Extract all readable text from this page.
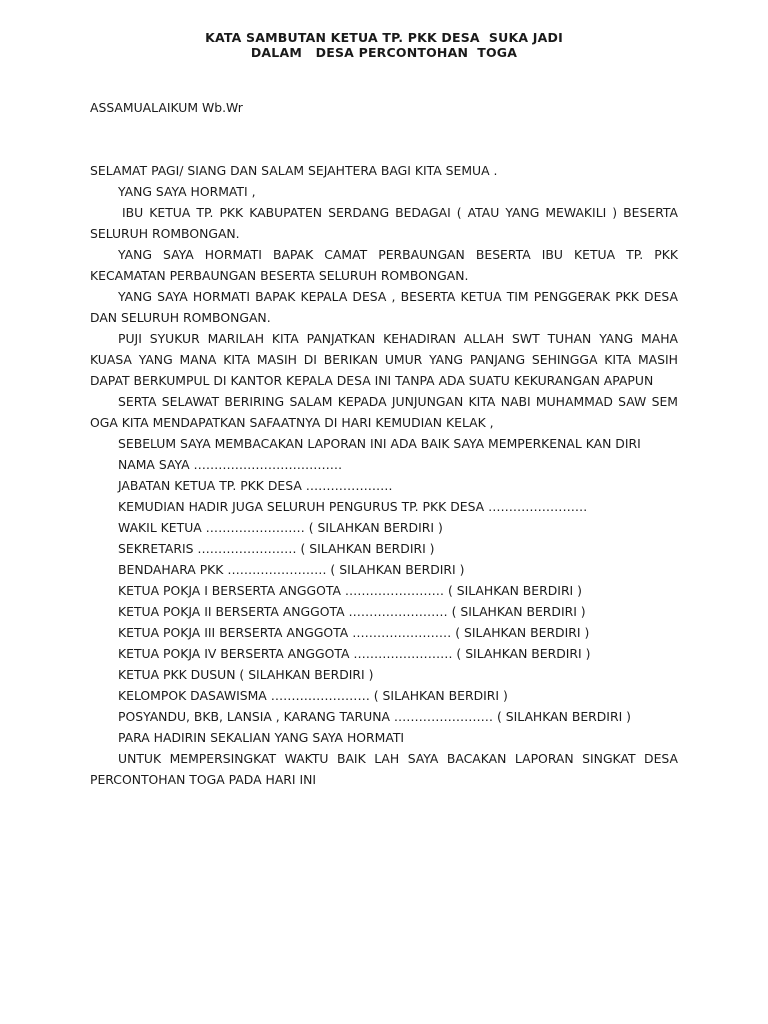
KATA SAMBUTAN KETUA TP. PKK DESA  SUKA JADI
DALAM   DESA PERCONTOHAN  TOGA

ASSAMUALAIKUM Wb.Wr

SELAMAT PAGI/ SIANG DAN SALAM SEJAHTERA BAGI KITA SEMUA .

YANG SAYA HORMATI ,

IBU KETUA TP. PKK KABUPATEN SERDANG BEDAGAI ( ATAU YANG MEWAKILI ) BESERTA SELURUH ROMBONGAN.

YANG SAYA HORMATI BAPAK CAMAT PERBAUNGAN BESERTA IBU KETUA TP. PKK KECAMATAN PERBAUNGAN BESERTA SELURUH ROMBONGAN.

YANG SAYA HORMATI BAPAK KEPALA DESA , BESERTA KETUA TIM PENGGERAK PKK DESA DAN SELURUH ROMBONGAN.

PUJI SYUKUR MARILAH KITA PANJATKAN KEHADIRAN ALLAH SWT TUHAN YANG MAHA KUASA YANG MANA KITA MASIH DI BERIKAN UMUR YANG PANJANG SEHINGGA KITA MASIH DAPAT BERKUMPUL DI KANTOR KEPALA DESA INI TANPA ADA SUATU KEKURANGAN APAPUN

SERTA SELAWAT BERIRING SALAM KEPADA JUNJUNGAN KITA NABI MUHAMMAD SAW SEM OGA KITA MENDAPATKAN SAFAATNYA DI HARI KEMUDIAN KELAK ,

SEBELUM SAYA MEMBACAKAN LAPORAN INI ADA BAIK SAYA MEMPERKENAL KAN DIRI

NAMA SAYA ………………………………

JABATAN KETUA TP. PKK DESA …………………

KEMUDIAN HADIR JUGA SELURUH PENGURUS TP. PKK DESA ……………………

WAKIL KETUA …………………… ( SILAHKAN BERDIRI )

SEKRETARIS …………………… ( SILAHKAN BERDIRI )

BENDAHARA PKK …………………… ( SILAHKAN BERDIRI )

KETUA POKJA I BERSERTA ANGGOTA …………………… ( SILAHKAN BERDIRI )

KETUA POKJA II BERSERTA ANGGOTA …………………… ( SILAHKAN BERDIRI )

KETUA POKJA III BERSERTA ANGGOTA …………………… ( SILAHKAN BERDIRI )

KETUA POKJA IV BERSERTA ANGGOTA …………………… ( SILAHKAN BERDIRI )

KETUA PKK DUSUN ( SILAHKAN BERDIRI )

KELOMPOK DASAWISMA …………………… ( SILAHKAN BERDIRI )

POSYANDU, BKB, LANSIA , KARANG TARUNA …………………… ( SILAHKAN BERDIRI )

PARA HADIRIN SEKALIAN YANG SAYA HORMATI

UNTUK MEMPERSINGKAT WAKTU BAIK LAH SAYA BACAKAN LAPORAN SINGKAT DESA PERCONTOHAN TOGA PADA HARI INI
